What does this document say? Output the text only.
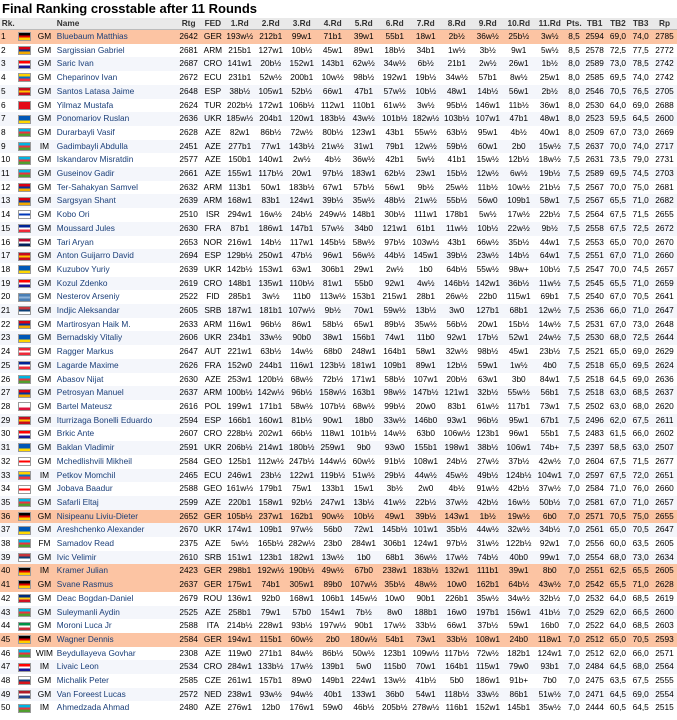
Final Ranking crosstable after 11 Rounds
Rk.			Name	Rtg	FED	1.Rd	2.Rd	3.Rd	4.Rd	5.Rd	6.Rd	7.Rd	8.Rd	9.Rd	10.Rd	11.Rd	Pts.	TB1	TB2	TB3	Rp
1		GM	Bluebaum Matthias	2642	GER	193w½	212b1	99w1	71b1	39w1	55b1	18w1	2b½	36w½	25b½	3w½	8,5	2594	69,0	74,0	2785
2		GM	Sargissian Gabriel	2681	ARM	215b1	127w1	10b½	45w1	89w1	18b½	34b1	1w½	3b½	9w1	5w½	8,5	2578	72,5	77,5	2772
3		GM	Saric Ivan	2687	CRO	141w1	20b½	152w1	143b1	62w½	34w½	6b½	21b1	2w½	26w1	1b½	8,0	2589	73,0	78,5	2742
4		GM	Cheparinov Ivan	2672	ECU	231b1	52w½	200b1	10w½	98b½	192w1	19b½	34w½	57b1	8w½	25w1	8,0	2585	69,5	74,0	2742
5		GM	Santos Latasa Jaime	2648	ESP	38b½	105w1	52b½	66w1	47b1	57w½	10b½	48w1	14b½	56w1	2b½	8,0	2546	70,5	76,5	2705
6		GM	Yilmaz Mustafa	2624	TUR	202b½	172w1	106b½	112w1	110b1	61w½	3w½	95b½	146w1	11b½	36w1	8,0	2530	64,0	69,0	2688
7		GM	Ponomariov Ruslan	2636	UKR	185w½	204b1	120w1	183b½	43w½	101b½	182w½	103b½	107w1	47b1	48w1	8,0	2523	59,5	64,5	2600
8		GM	Durarbayli Vasif	2628	AZE	82w1	86b½	72w½	80b½	123w1	43b1	55w½	63b½	95w1	4b½	40w1	8,0	2509	67,0	73,0	2669
9		IM	Gadimbayli Abdulla	2451	AZE	277b1	77w1	143b½	21w½	31w1	79b1	12w½	59b½	60w1	2b0	15w½	7,5	2637	70,0	74,0	2717
10		GM	Iskandarov Misratdin	2577	AZE	150b1	140w1	2w½	4b½	36w½	42b1	5w½	41b1	15w½	12b½	18w½	7,5	2631	73,5	79,0	2731
11		GM	Guseinov Gadir	2661	AZE	155w1	117b½	20w1	97b½	183w1	62b½	23w1	15b½	12w½	6w½	19b½	7,5	2589	69,5	74,5	2703
12		GM	Ter-Sahakyan Samvel	2632	ARM	113b1	50w1	183b½	67w1	57b½	56w1	9b½	25w½	11b½	10w½	21b½	7,5	2567	70,0	75,0	2681
13		GM	Sargsyan Shant	2639	ARM	168w1	83b1	124w1	39b½	35w½	48b½	21w½	55b½	56w0	109b1	58w1	7,5	2567	65,5	71,0	2682
14		GM	Kobo Ori	2510	ISR	294w1	16w½	24b½	249w½	148b1	30b½	111w1	178b1	5w½	17w½	22b½	7,5	2564	67,5	71,5	2655
15		GM	Moussard Jules	2630	FRA	87b1	186w1	147b1	57w½	34b0	121w1	61b1	11w½	10b½	22w½	9b½	7,5	2558	67,5	72,5	2672
16		GM	Tari Aryan	2653	NOR	216w1	14b½	117w1	145b½	58w½	97b½	103w½	43b1	66w½	35b½	44w1	7,5	2553	65,0	70,0	2670
17		GM	Anton Guijarro David	2694	ESP	129b½	250w1	47b½	96w1	56w½	44b½	145w1	39b½	23w½	14b½	64w1	7,5	2551	67,0	71,0	2660
18		GM	Kuzubov Yuriy	2639	UKR	142b½	153w1	63w1	306b1	29w1	2w½	1b0	64b½	55w½	98w+	10b½	7,5	2547	70,0	74,5	2657
19		GM	Kozul Zdenko	2619	CRO	148b1	135w1	110b½	81w1	55b0	92w1	4w½	146b½	142w1	36b½	11w½	7,5	2545	65,5	71,0	2659
20		GM	Nesterov Arseniy	2522	FID	285b1	3w½	11b0	113w½	153b1	215w1	28b1	26w½	22b0	115w1	69b1	7,5	2540	67,0	70,5	2641
21		GM	Indjic Aleksandar	2605	SRB	187w1	181b1	107w½	9b½	70w1	59w½	13b½	3w0	127b1	68b1	12w½	7,5	2536	66,0	71,0	2647
22		GM	Martirosyan Haik M.	2633	ARM	116w1	96b½	86w1	58b½	65w1	89b½	35w½	56b½	20w1	15b½	14w½	7,5	2531	67,0	73,0	2648
23		GM	Bernadskiy Vitaliy	2606	UKR	234b1	33w½	90b0	38w1	156b1	74w1	11b0	92w1	17b½	52w1	24w½	7,5	2530	68,0	72,5	2644
24		GM	Ragger Markus	2647	AUT	221w1	63b½	14w½	68b0	248w1	164b1	58w1	32w½	98b½	45w1	23b½	7,5	2521	65,0	69,0	2629
25		GM	Lagarde Maxime	2626	FRA	152w0	244b1	116w1	123b½	181w1	109b1	89w1	12b½	59w1	1w½	4b0	7,5	2518	65,0	69,5	2624
26		GM	Abasov Nijat	2630	AZE	253w1	120b½	68w½	72b½	171w1	58b½	107w1	20b½	63w1	3b0	84w1	7,5	2518	64,5	69,0	2636
27		GM	Petrosyan Manuel	2637	ARM	100b½	142w½	96b½	158w½	163b1	98w½	147b½	121w1	32b½	55w½	56b1	7,5	2518	63,0	68,5	2637
28		GM	Bartel Mateusz	2616	POL	199w1	171b1	58w½	107b½	68w½	99b½	20w0	83b1	61w½	117b1	73w1	7,5	2502	63,0	68,0	2620
29		GM	Iturrizaga Bonelli Eduardo	2594	ESP	166b1	160w1	81b½	90w1	18b0	33w½	146b0	93w1	96b½	95w1	67b1	7,5	2496	62,0	67,5	2611
30		GM	Brkic Ante	2607	CRO	228b½	202w1	66b½	118w1	101b½	14w½	63b0	106w½	123b1	96w1	55b1	7,5	2483	61,5	66,0	2602
31		GM	Baklan Vladimir	2591	UKR	206b½	214w1	180b½	259w1	9b0	93w0	155b1	198w1	38b½	106w1	74b+	7,5	2397	58,5	63,0	2507
32		GM	Mchedlishvili Mikheil	2584	GEO	125b1	112w½	247b½	144w½	60w½	91b½	108w1	24b½	27w½	37b½	42w½	7,0	2604	67,5	71,5	2677
33		IM	Petkov Momchil	2465	ECU	246w1	23b½	122w1	119b½	51w½	29b½	44w½	45w½	49b½	124b½	104w1	7,0	2597	67,5	72,0	2651
34		GM	Jobava Baadur	2588	GEO	161w½	179b1	75w1	133b1	15w1	3b½	2w0	4b½	91w½	42b½	37w½	7,0	2584	71,0	76,0	2660
35		GM	Safarli Eltaj	2599	AZE	220b1	158w1	92b½	247w1	13b½	41w½	22b½	37w½	42b½	16w½	50b½	7,0	2581	67,0	71,0	2657
36		GM	Nisipeanu Liviu-Dieter	2652	GER	105b½	237w1	162b1	90w½	10b½	49w1	39b½	143w1	1b½	19w½	6b0	7,0	2571	70,5	75,0	2655
37		GM	Areshchenko Alexander	2670	UKR	174w1	109b1	97w½	56b0	72w1	145b½	101w1	35b½	44w½	32w½	34b½	7,0	2561	65,0	70,5	2647
38		FM	Samadov Read	2375	AZE	5w½	165b½	282w½	23b0	284w1	306b1	124w1	97b½	31w½	122b½	92w1	7,0	2556	60,0	63,5	2605
39		GM	Ivic Velimir	2610	SRB	151w1	123b1	182w1	13w½	1b0	68b1	36w½	17w½	74b½	40b0	99w1	7,0	2554	68,0	73,0	2634
40		IM	Kramer Julian	2423	GER	298b1	192w½	190b½	49w½	67b0	238w1	183b½	132w1	111b1	39w1	8b0	7,0	2551	62,5	65,5	2605
41		GM	Svane Rasmus	2637	GER	175w1	74b1	305w1	89b0	107w½	35b½	48w½	10w0	162b1	64b½	43w½	7,0	2542	65,5	71,0	2628
42		GM	Deac Bogdan-Daniel	2679	ROU	136w1	92b0	168w1	106b1	145w½	10w0	90b1	226b1	35w½	34w½	32b½	7,0	2532	64,0	68,5	2619
43		GM	Suleymanli Aydin	2525	AZE	258b1	79w1	57b0	154w1	7b½	8w0	188b1	16w0	197b1	156w1	41b½	7,0	2529	62,0	66,5	2600
44		GM	Moroni Luca Jr	2588	ITA	214b½	228w1	93b½	197w½	90b1	17w½	33b½	66w1	37b½	59w1	16b0	7,0	2522	64,0	68,5	2603
45		GM	Wagner Dennis	2584	GER	194w1	115b1	60w½	2b0	180w½	54b1	73w1	33b½	108w1	24b0	118w1	7,0	2512	65,0	70,5	2593
46		WIM	Beydullayeva Govhar	2308	AZE	119w0	271b1	84w½	86b½	50w½	123b1	109w½	117b½	72w½	182b1	124w1	7,0	2512	62,0	66,0	2571
47		IM	Livaic Leon	2534	CRO	284w1	133b½	17w½	139b1	5w0	115b0	70w1	164b1	115w1	79w0	93b1	7,0	2484	64,5	68,0	2564
48		GM	Michalik Peter	2585	CZE	261w1	157b1	89w0	149b1	224w1	13w½	41b½	5b0	186w1	91b+	7b0	7,0	2475	63,5	67,5	2555
49		GM	Van Foreest Lucas	2572	NED	238w1	93w½	94w½	40b1	133w1	36b0	54w1	118b½	33w½	86b1	51w½	7,0	2471	64,5	69,0	2554
50		IM	Ahmedzada Ahmad	2480	AZE	276w1	12b0	176w1	59w0	46b½	205b½	278w½	116b1	152w1	145b1	35w½	7,0	2444	60,5	64,5	2515
